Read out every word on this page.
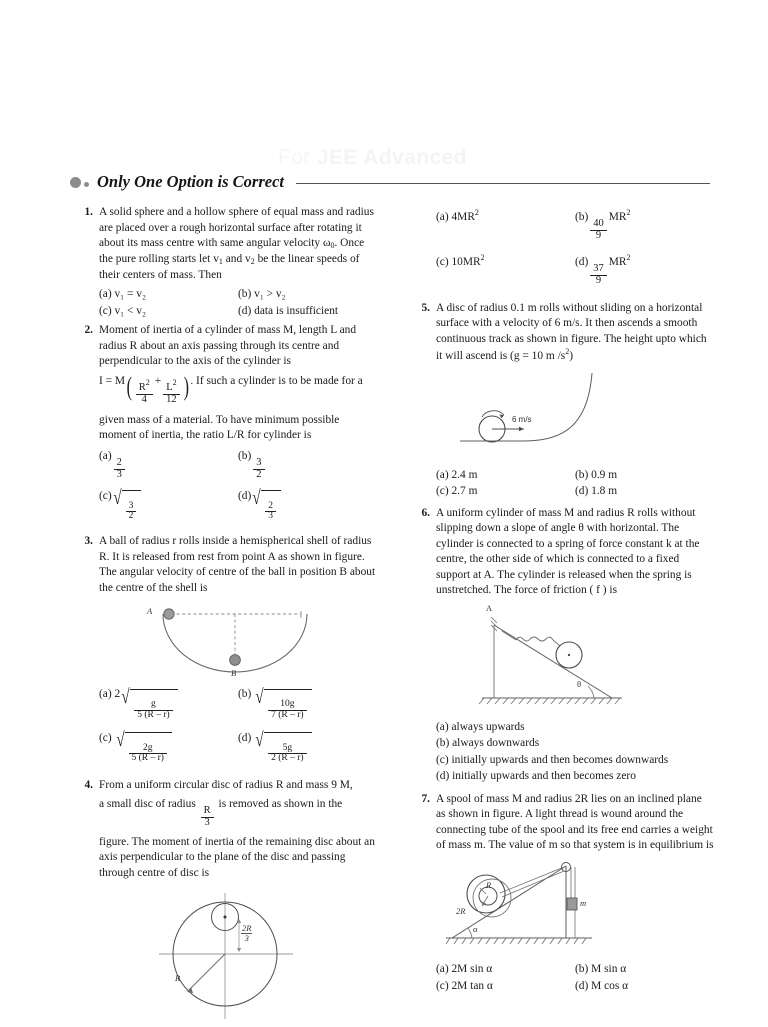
For JEE Advanced
Only One Option is Correct
1. A solid sphere and a hollow sphere of equal mass and radius are placed over a rough horizontal surface after rotating it about its mass centre with same angular velocity $\omega_0$. Once the pure rolling starts let $v_1$ and $v_2$ be the linear speeds of their centers of mass. Then
(a) v₁ = v₂	(b) v₁ > v₂
(c) v₁ < v₂	(d) data is insufficient
2. Moment of inertia of a cylinder of mass M, length L and radius R about an axis passing through its centre and perpendicular to the axis of the cylinder is
$I = M( \frac{R^2}{4} + \frac{L^2}{12}$ ) . If such a cylinder is to be made for a
given mass of a material. To have minimum possible moment of inertia, the ratio L/R for cylinder is
(a)
$\frac{2}{3}$
(b)
$\frac{3}{2}$
(c) √
$\frac{3}{2}$
(d) √
$\frac{2}{3}$
3. A ball of radius r rolls inside a hemispherical shell of radius R. It is released from rest from point A as shown in figure. The angular velocity of centre of the ball in position B about the centre of the shell is
A
B
(a) 2 √
$\frac{g}{5 (R - r)}$
(b) √
$\frac{10g}{7 (R - r)}$
(c) √
$\frac{2g}{5 (R - r)}$
(d) √
$\frac{5g}{2 (R - r)}$
4. From a uniform circular disc of radius R and mass 9 M,
a small disc of radius
$\frac{R}{3}$
is removed as shown in the
figure. The moment of inertia of the remaining disc about an axis perpendicular to the plane of the disc and passing through centre of disc is
R
2R
3
(a) $4MR^2$	(b)
$\frac{40}{9}$
$MR^2$
(c) $10MR^2$	(d)
$\frac{37}{9}$
$MR^2$
5. A disc of radius 0.1 m rolls without sliding on a horizontal surface with a velocity of 6 m/s. It then ascends a smooth continuous track as shown in figure. The height upto which it will ascend is (g = 10 m $/s^2$)
6 m/s
(a) 2.4 m	(b) 0.9 m
(c) 2.7 m	(d) 1.8 m
6. A uniform cylinder of mass M and radius R rolls without slipping down a slope of angle θ with horizontal. The cylinder is connected to a spring of force constant k at the centre, the other side of which is connected to a fixed support at A. The cylinder is released when the spring is unstretched. The force of friction ( f ) is
A
θ
(a) always upwards
(b) always downwards
(c) initially upwards and then becomes downwards
(d) initially upwards and then becomes zero
7. A spool of mass M and radius 2R lies on an inclined plane as shown in figure. A light thread is wound around the connecting tube of the spool and its free end carries a weight of mass m. The value of m so that system is in equilibrium is
R
2R
α
m
(a) 2M sin α	(b) M sin α
(c) 2M tan α	(d) M cos α
